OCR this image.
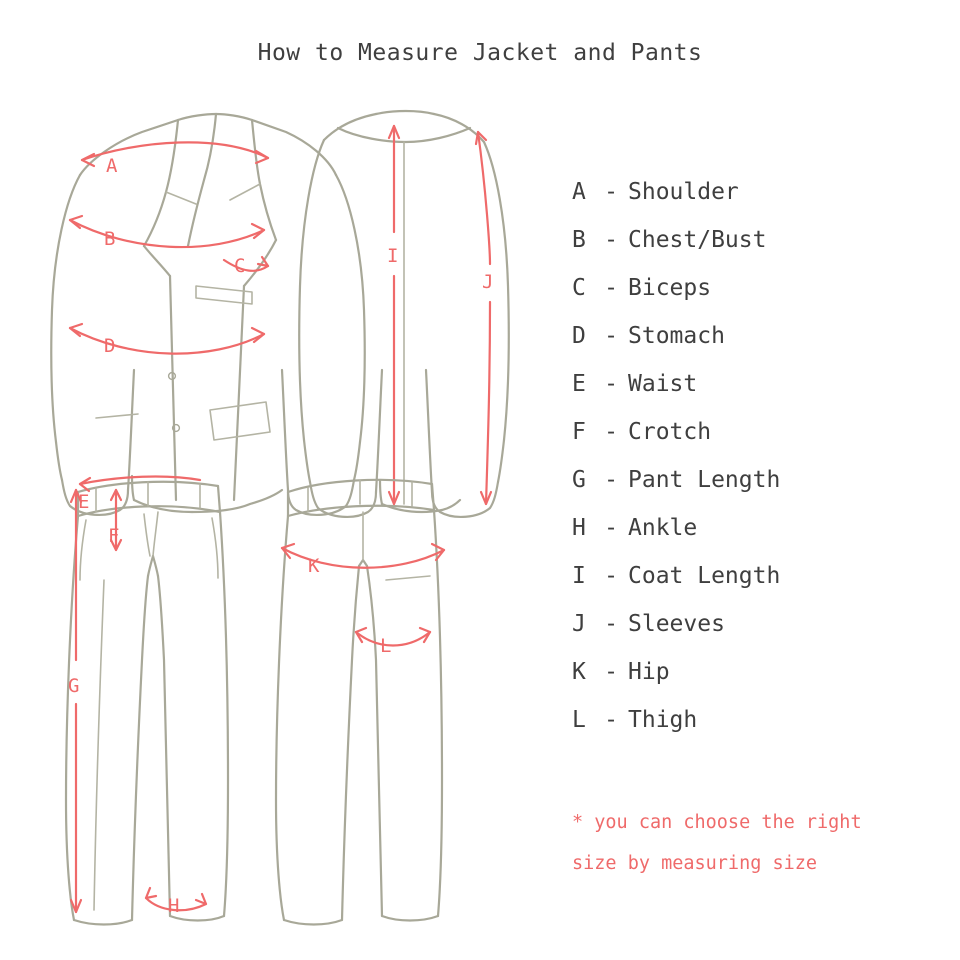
How to Measure Jacket and Pants
A
B
C
D
I
J
E
F
G
H
K
L
A - Shoulder
B - Chest/Bust
C - Biceps
D - Stomach
E - Waist
F - Crotch
G - Pant Length
H - Ankle
I - Coat Length
J - Sleeves
K - Hip
L - Thigh
* you can choose the right
size by measuring size
